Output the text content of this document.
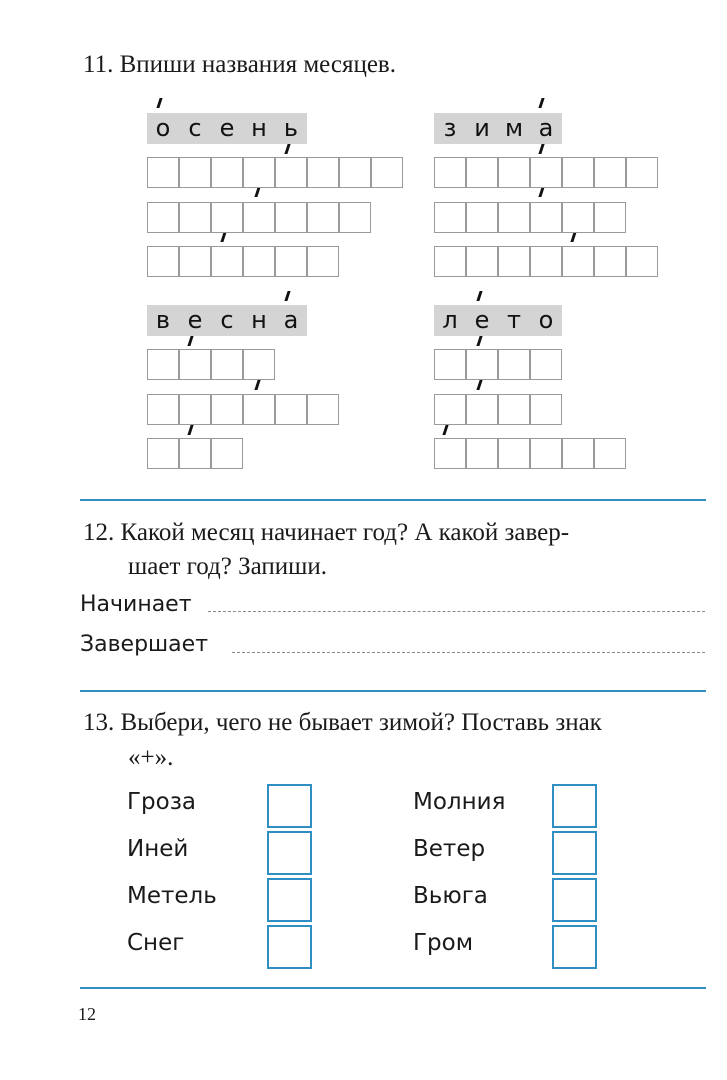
11. Впиши названия месяцев.
о с е н ь	з и м а
в е с н а	л е т о
12. Какой месяц начинает год? А какой завер-
шает год? Запиши.
Начинает
Завершает
13. Выбери, чего не бывает зимой? Поставь знак
«+».
Гроза
Иней
Метель
Снег
Молния
Ветер
Вьюга
Гром
12
